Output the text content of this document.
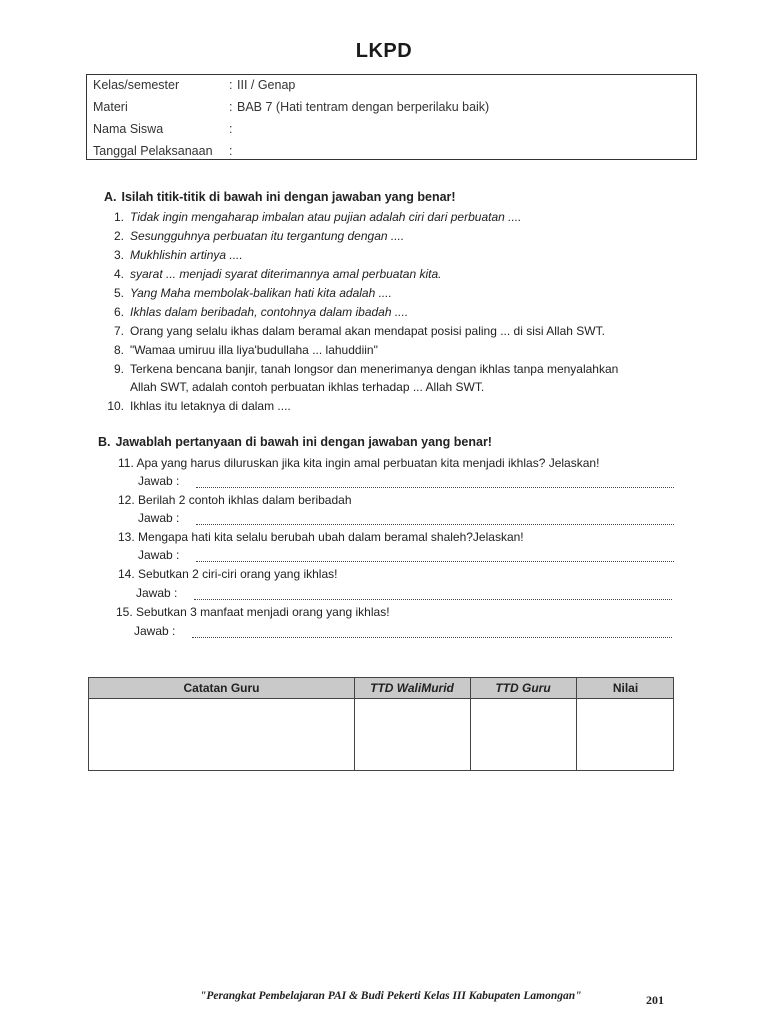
LKPD
Kelas/semester	: III / Genap
Materi	: BAB 7 (Hati tentram dengan berperilaku baik)
Nama Siswa	:
Tanggal Pelaksanaan	:
A. Isilah titik-titik di bawah ini dengan jawaban yang benar!
1. Tidak ingin mengaharap imbalan atau pujian adalah ciri dari perbuatan ....
2. Sesungguhnya perbuatan itu tergantung dengan ....
3. Mukhlishin artinya ....
4. syarat ... menjadi syarat diterimannya amal perbuatan kita.
5. Yang Maha membolak-balikan hati kita adalah ....
6. Ikhlas dalam beribadah, contohnya dalam ibadah ....
7. Orang yang selalu ikhas dalam beramal akan mendapat posisi paling ... di sisi Allah SWT.
8. "Wamaa umiruu illa liya'budullaha ... lahuddiin"
9. Terkena bencana banjir, tanah longsor dan menerimanya dengan ikhlas tanpa menyalahkan
Allah SWT, adalah contoh perbuatan ikhlas terhadap ... Allah SWT.
10. Ikhlas itu letaknya di dalam ....
B. Jawablah pertanyaan di bawah ini dengan jawaban yang benar!
11. Apa yang harus diluruskan jika kita ingin amal perbuatan kita menjadi ikhlas? Jelaskan!
Jawab :
12. Berilah 2 contoh ikhlas dalam beribadah
Jawab :
13. Mengapa hati kita selalu berubah ubah dalam beramal shaleh?Jelaskan!
Jawab :
14. Sebutkan 2 ciri-ciri orang yang ikhlas!
Jawab :
15. Sebutkan 3 manfaat menjadi orang yang ikhlas!
Jawab :
Catatan Guru	TTD WaliMurid	TTD Guru	Nilai
"Perangkat Pembelajaran PAI & Budi Pekerti Kelas III Kabupaten Lamongan"	201
